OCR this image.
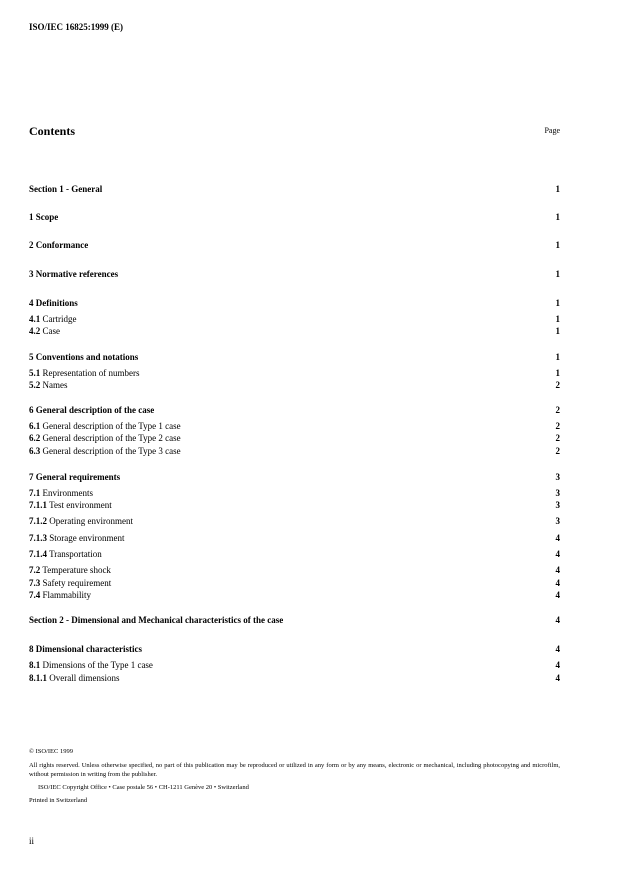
ISO/IEC 16825:1999 (E)
Contents	Page
Section 1 - General	1
1 Scope	1
2 Conformance	1
3 Normative references	1
4 Definitions	1
4.1 Cartridge	1
4.2 Case	1
5 Conventions and notations	1
5.1 Representation of numbers	1
5.2 Names	2
6 General description of the case	2
6.1 General description of the Type 1 case	2
6.2 General description of the Type 2 case	2
6.3 General description of the Type 3 case	2
7 General requirements	3
7.1 Environments	3
7.1.1 Test environment	3
7.1.2 Operating environment	3
7.1.3 Storage environment	4
7.1.4 Transportation	4
7.2 Temperature shock	4
7.3 Safety requirement	4
7.4 Flammability	4
Section 2 - Dimensional and Mechanical characteristics of the case	4
8 Dimensional characteristics	4
8.1 Dimensions of the Type 1 case	4
8.1.1 Overall dimensions	4
© ISO/IEC 1999
All rights reserved. Unless otherwise specified, no part of this publication may be reproduced or utilized in any form or by any means, electronic or mechanical, including photocopying and microfilm, without permission in writing from the publisher.
ISO/IEC Copyright Office • Case postale 56 • CH-1211 Genève 20 • Switzerland
Printed in Switzerland
ii
